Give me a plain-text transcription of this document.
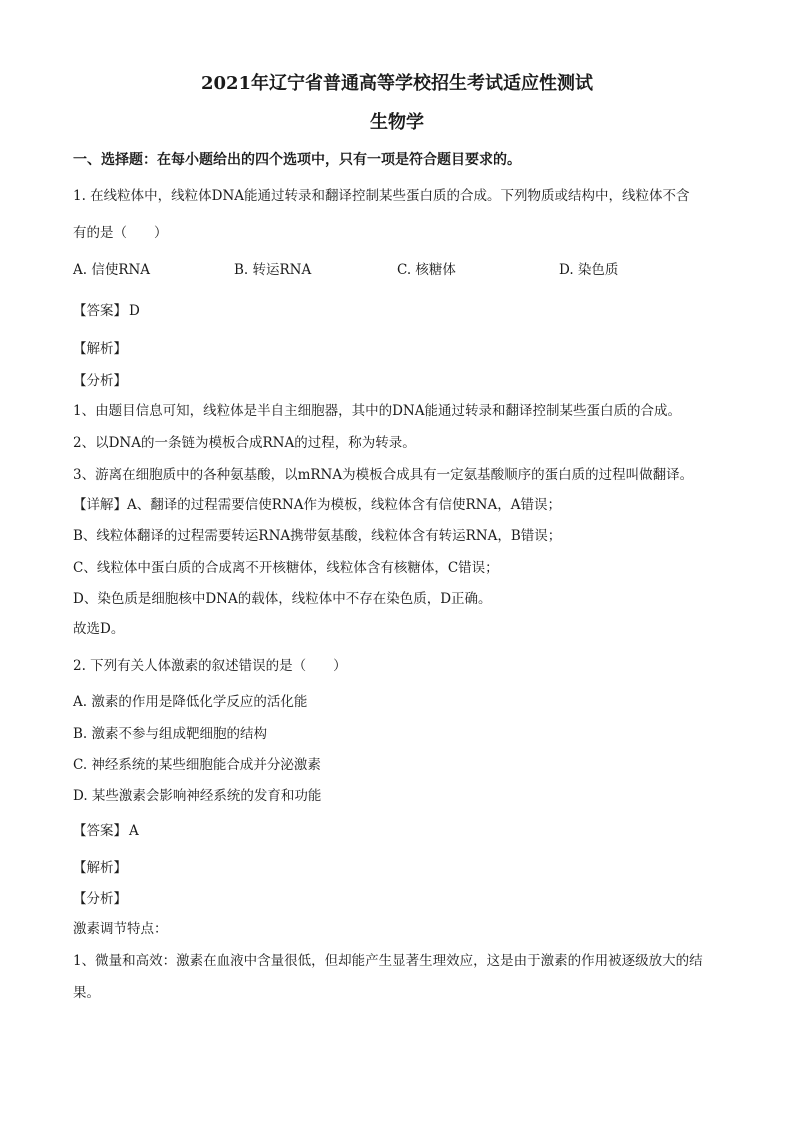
2021年辽宁省普通高等学校招生考试适应性测试
生物学
一、选择题：在每小题给出的四个选项中，只有一项是符合题目要求的。
1. 在线粒体中，线粒体DNA能通过转录和翻译控制某些蛋白质的合成。下列物质或结构中，线粒体不含
有的是（　　）
A. 信使RNA	B. 转运RNA	C. 核糖体	D. 染色质
【答案】 D
【解析】
【分析】
1、由题目信息可知，线粒体是半自主细胞器，其中的DNA能通过转录和翻译控制某些蛋白质的合成。
2、以DNA的一条链为模板合成RNA的过程，称为转录。
3、游离在细胞质中的各种氨基酸，以mRNA为模板合成具有一定氨基酸顺序的蛋白质的过程叫做翻译。
【详解】A、翻译的过程需要信使RNA作为模板，线粒体含有信使RNA，A错误；
B、线粒体翻译的过程需要转运RNA携带氨基酸，线粒体含有转运RNA，B错误；
C、线粒体中蛋白质的合成离不开核糖体，线粒体含有核糖体，C错误；
D、染色质是细胞核中DNA的载体，线粒体中不存在染色质，D正确。
故选D。
2. 下列有关人体激素的叙述错误的是（　　）
A. 激素的作用是降低化学反应的活化能
B. 激素不参与组成靶细胞的结构
C. 神经系统的某些细胞能合成并分泌激素
D. 某些激素会影响神经系统的发育和功能
【答案】 A
【解析】
【分析】
激素调节特点：
1、微量和高效：激素在血液中含量很低，但却能产生显著生理效应，这是由于激素的作用被逐级放大的结
果。
